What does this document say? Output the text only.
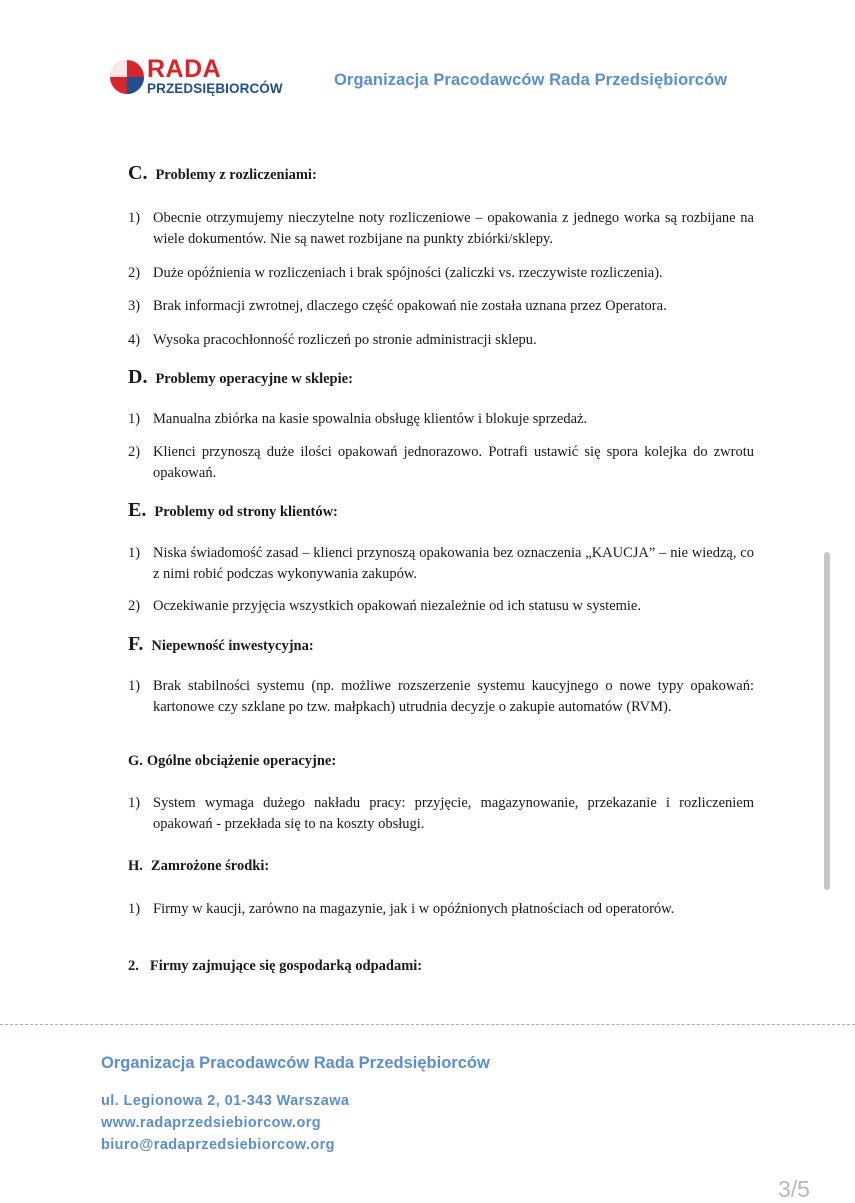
RADA
PRZEDSIĘBIORCÓW	Organizacja Pracodawców Rada Przedsiębiorców
C. Problemy z rozliczeniami:
1) Obecnie otrzymujemy nieczytelne noty rozliczeniowe – opakowania z jednego worka są rozbijane na wiele dokumentów. Nie są nawet rozbijane na punkty zbiórki/sklepy.
2) Duże opóźnienia w rozliczeniach i brak spójności (zaliczki vs. rzeczywiste rozliczenia).
3) Brak informacji zwrotnej, dlaczego część opakowań nie została uznana przez Operatora.
4) Wysoka pracochłonność rozliczeń po stronie administracji sklepu.
D. Problemy operacyjne w sklepie:
1) Manualna zbiórka na kasie spowalnia obsługę klientów i blokuje sprzedaż.
2) Klienci przynoszą duże ilości opakowań jednorazowo. Potrafi ustawić się spora kolejka do zwrotu opakowań.
E. Problemy od strony klientów:
1) Niska świadomość zasad – klienci przynoszą opakowania bez oznaczenia „KAUCJA” – nie wiedzą, co z nimi robić podczas wykonywania zakupów.
2) Oczekiwanie przyjęcia wszystkich opakowań niezależnie od ich statusu w systemie.
F. Niepewność inwestycyjna:
1) Brak stabilności systemu (np. możliwe rozszerzenie systemu kaucyjnego o nowe typy opakowań: kartonowe czy szklane po tzw. małpkach) utrudnia decyzje o zakupie automatów (RVM).
G. Ogólne obciążenie operacyjne:
1) System wymaga dużego nakładu pracy: przyjęcie, magazynowanie, przekazanie i rozliczeniem opakowań - przekłada się to na koszty obsługi.
H. Zamrożone środki:
1) Firmy w kaucji, zarówno na magazynie, jak i w opóźnionych płatnościach od operatorów.
2. Firmy zajmujące się gospodarką odpadami:
Organizacja Pracodawców Rada Przedsiębiorców
ul. Legionowa 2, 01-343 Warszawa
www.radaprzedsiebiorcow.org
biuro@radaprzedsiebiorcow.org
3/5
